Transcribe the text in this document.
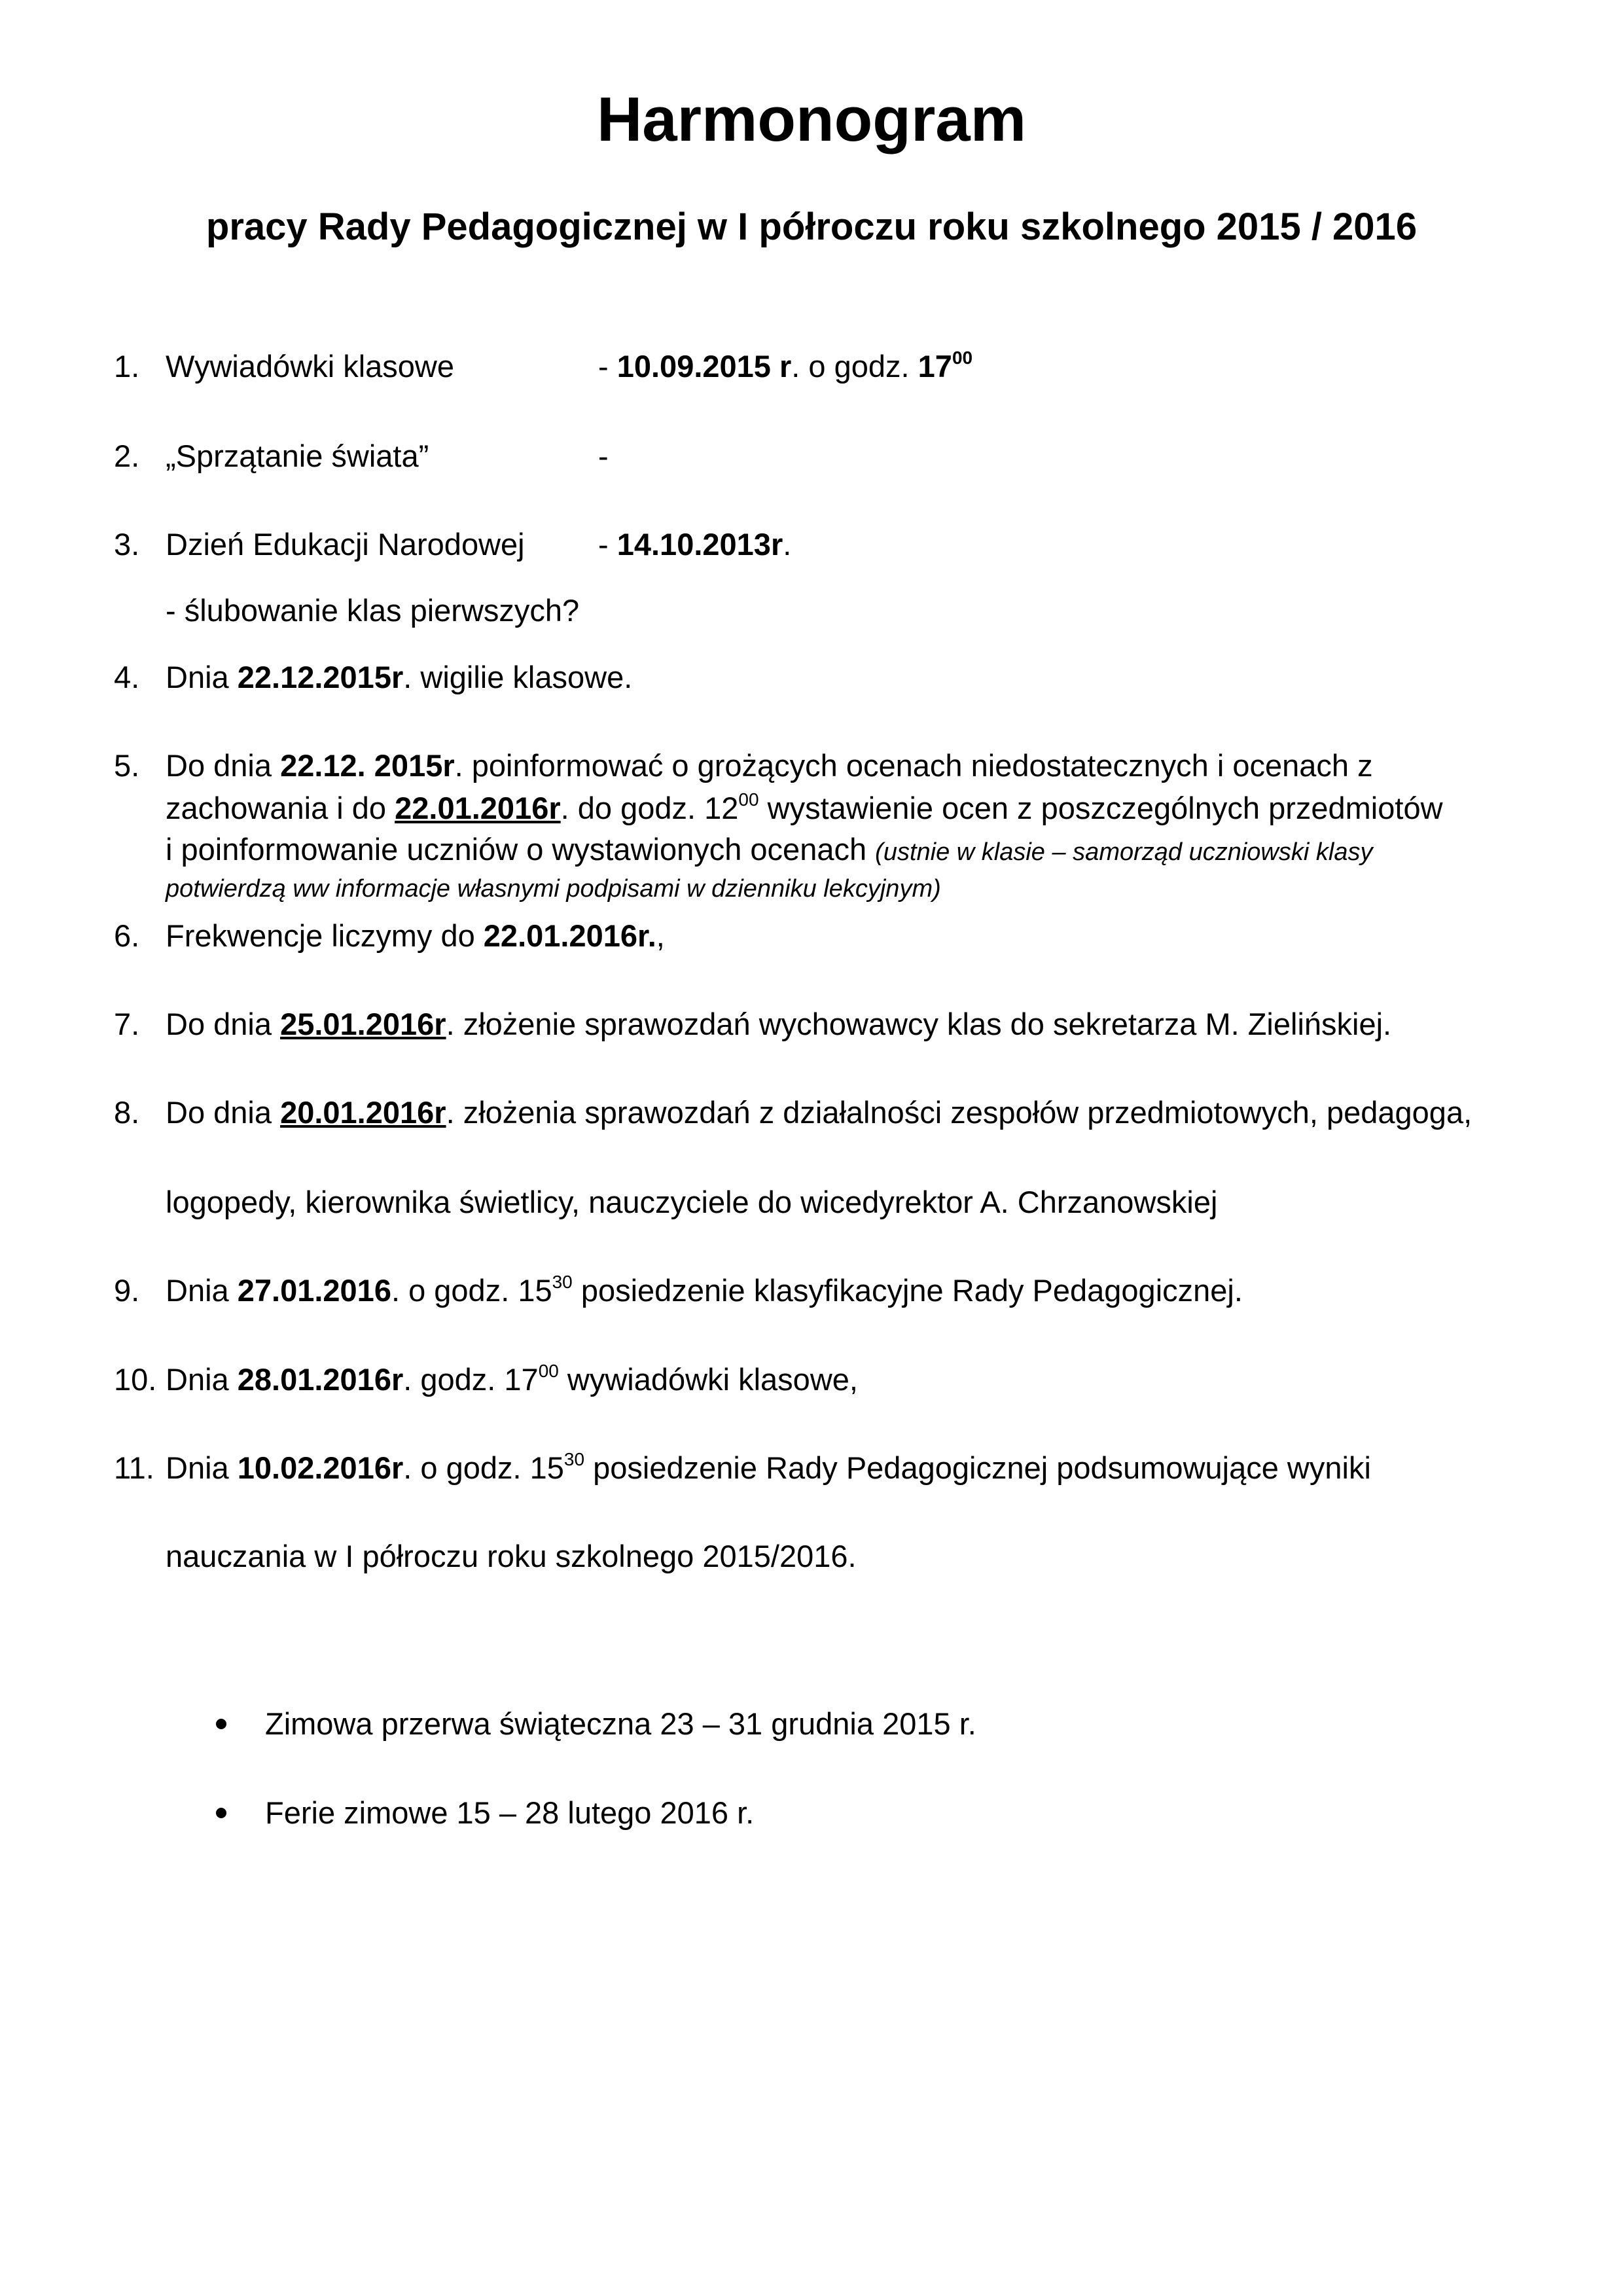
Harmonogram
pracy Rady Pedagogicznej w I półroczu roku szkolnego 2015 / 2016
1. Wywiadówki klasowe	- 10.09.2015 r. o godz. $17^{00}$
2. „Sprzątanie świata”	-
3. Dzień Edukacji Narodowej - 14.10.2013r.
- ślubowanie klas pierwszych?
4. Dnia 22.12.2015r. wigilie klasowe.
5. Do dnia 22.12. 2015r. poinformować o grożących ocenach niedostatecznych i ocenach z
zachowania i do 22.01.2016r. do godz. $12^{00}$ wystawienie ocen z poszczególnych przedmiotów
i poinformowanie uczniów o wystawionych ocenach (ustnie w klasie – samorząd uczniowski klasy
potwierdzą ww informacje własnymi podpisami w dzienniku lekcyjnym)
6. Frekwencje liczymy do 22.01.2016r.,
7. Do dnia 25.01.2016r. złożenie sprawozdań wychowawcy klas do sekretarza M. Zielińskiej.
8. Do dnia 20.01.2016r. złożenia sprawozdań z działalności zespołów przedmiotowych, pedagoga,
logopedy, kierownika świetlicy, nauczyciele do wicedyrektor A. Chrzanowskiej
9. Dnia 27.01.2016. o godz. $15^{30}$ posiedzenie klasyfikacyjne Rady Pedagogicznej.
10. Dnia 28.01.2016r. godz. $17^{00}$ wywiadówki klasowe,
11. Dnia 10.02.2016r. o godz. $15^{30}$ posiedzenie Rady Pedagogicznej podsumowujące wyniki
nauczania w I półroczu roku szkolnego 2015/2016.
Zimowa przerwa świąteczna 23 – 31 grudnia 2015 r.
Ferie zimowe 15 – 28 lutego 2016 r.
